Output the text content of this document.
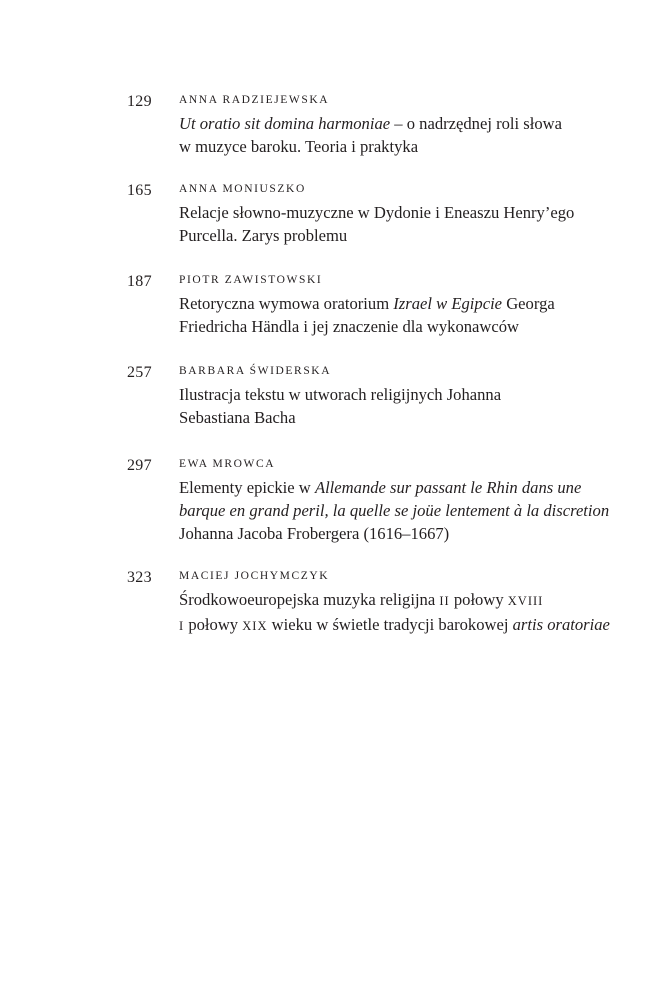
129 ANNA RADZIEJEWSKA
Ut oratio sit domina harmoniae – o nadrzędnej roli słowa
w muzyce baroku. Teoria i praktyka
165 ANNA MONIUSZKO
Relacje słowno-muzyczne w Dydonie i Eneaszu Henry’ego
Purcella. Zarys problemu
187 PIOTR ZAWISTOWSKI
Retoryczna wymowa oratorium Izrael w Egipcie Georga
Friedricha Händla i jej znaczenie dla wykonawców
257 BARBARA ŚWIDERSKA
Ilustracja tekstu w utworach religijnych Johanna
Sebastiana Bacha
297 EWA MROWCA
Elementy epickie w Allemande sur passant le Rhin dans une
barque en grand peril, la quelle se joüe lentement à la discretion
Johanna Jacoba Frobergera (1616–1667)
323 MACIEJ JOCHYMCZYK
Środkowoeuropejska muzyka religijna II połowy XVIII
I połowy XIX wieku w świetle tradycji barokowej artis oratoriae
